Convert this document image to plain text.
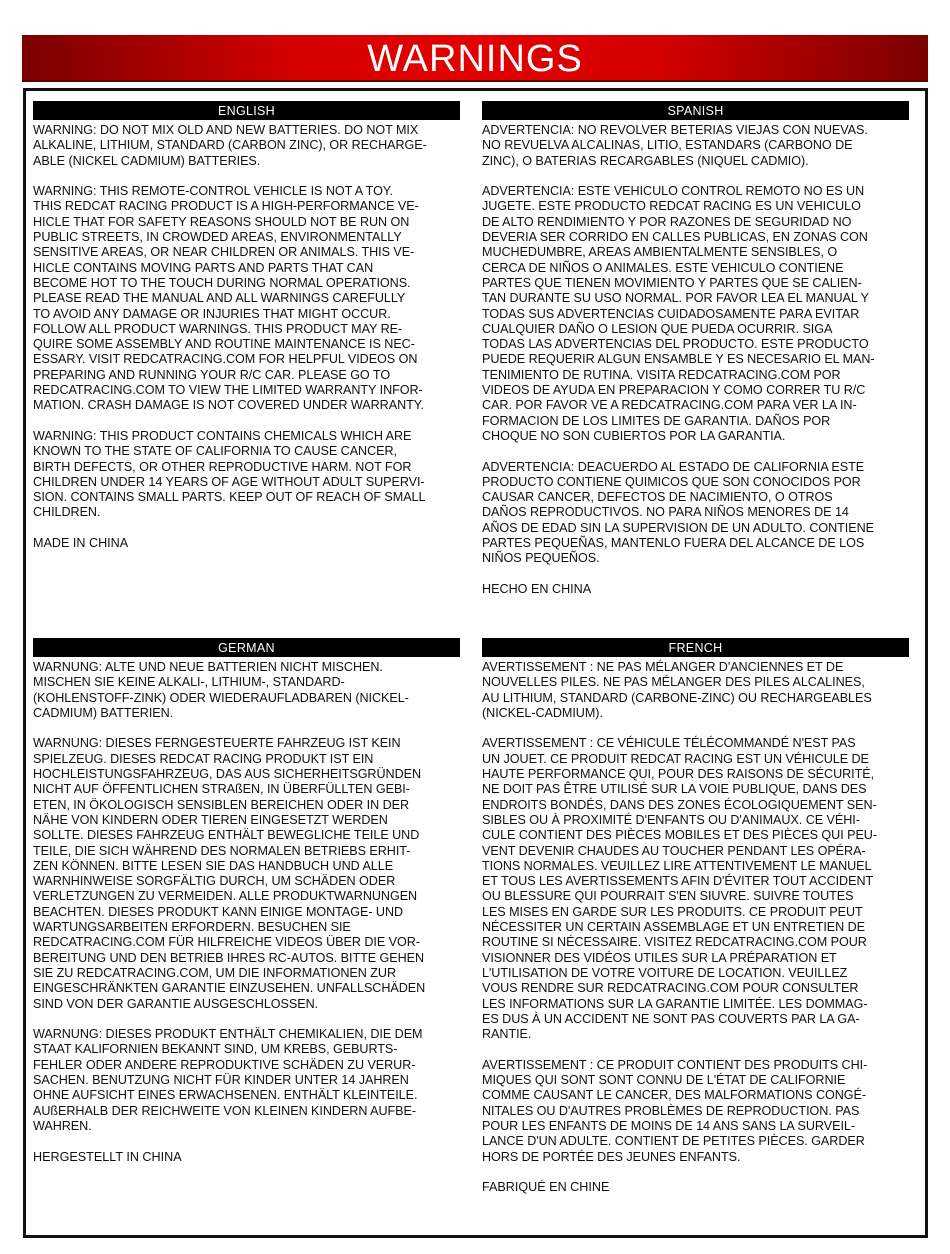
WARNINGS
ENGLISH

WARNING: DO NOT MIX OLD AND NEW BATTERIES. DO NOT MIX
ALKALINE, LITHIUM, STANDARD (CARBON ZINC), OR RECHARGE-
ABLE (NICKEL CADMIUM) BATTERIES.

WARNING: THIS REMOTE-CONTROL VEHICLE IS NOT A TOY.
THIS REDCAT RACING PRODUCT IS A HIGH-PERFORMANCE VE-
HICLE THAT FOR SAFETY REASONS SHOULD NOT BE RUN ON
PUBLIC STREETS, IN CROWDED AREAS, ENVIRONMENTALLY
SENSITIVE AREAS, OR NEAR CHILDREN OR ANIMALS. THIS VE-
HICLE CONTAINS MOVING PARTS AND PARTS THAT CAN
BECOME HOT TO THE TOUCH DURING NORMAL OPERATIONS.
PLEASE READ THE MANUAL AND ALL WARNINGS CAREFULLY
TO AVOID ANY DAMAGE OR INJURIES THAT MIGHT OCCUR.
FOLLOW ALL PRODUCT WARNINGS. THIS PRODUCT MAY RE-
QUIRE SOME ASSEMBLY AND ROUTINE MAINTENANCE IS NEC-
ESSARY. VISIT REDCATRACING.COM FOR HELPFUL VIDEOS ON
PREPARING AND RUNNING YOUR R/C CAR. PLEASE GO TO
REDCATRACING.COM TO VIEW THE LIMITED WARRANTY INFOR-
MATION. CRASH DAMAGE IS NOT COVERED UNDER WARRANTY.

WARNING: THIS PRODUCT CONTAINS CHEMICALS WHICH ARE
KNOWN TO THE STATE OF CALIFORNIA TO CAUSE CANCER,
BIRTH DEFECTS, OR OTHER REPRODUCTIVE HARM. NOT FOR
CHILDREN UNDER 14 YEARS OF AGE WITHOUT ADULT SUPERVI-
SION. CONTAINS SMALL PARTS. KEEP OUT OF REACH OF SMALL
CHILDREN.

MADE IN CHINA

SPANISH

ADVERTENCIA: NO REVOLVER BETERIAS VIEJAS CON NUEVAS.
NO REVUELVA ALCALINAS, LITIO, ESTANDARS (CARBONO DE
ZINC), O BATERIAS RECARGABLES (NIQUEL CADMIO).

ADVERTENCIA: ESTE VEHICULO CONTROL REMOTO NO ES UN
JUGETE. ESTE PRODUCTO REDCAT RACING ES UN VEHICULO
DE ALTO RENDIMIENTO Y POR RAZONES DE SEGURIDAD NO
DEVERIA SER CORRIDO EN CALLES PUBLICAS, EN ZONAS CON
MUCHEDUMBRE, AREAS AMBIENTALMENTE SENSIBLES, O
CERCA DE NIÑOS O ANIMALES. ESTE VEHICULO CONTIENE
PARTES QUE TIENEN MOVIMIENTO Y PARTES QUE SE CALIEN-
TAN DURANTE SU USO NORMAL. POR FAVOR LEA EL MANUAL Y
TODAS SUS ADVERTENCIAS CUIDADOSAMENTE PARA EVITAR
CUALQUIER DAÑO O LESION QUE PUEDA OCURRIR. SIGA
TODAS LAS ADVERTENCIAS DEL PRODUCTO. ESTE PRODUCTO
PUEDE REQUERIR ALGUN ENSAMBLE Y ES NECESARIO EL MAN-
TENIMIENTO DE RUTINA. VISITA REDCATRACING.COM POR
VIDEOS DE AYUDA EN PREPARACION Y COMO CORRER TU R/C
CAR. POR FAVOR VE A REDCATRACING.COM PARA VER LA IN-
FORMACION DE LOS LIMITES DE GARANTIA. DAÑOS POR
CHOQUE NO SON CUBIERTOS POR LA GARANTIA.

ADVERTENCIA: DEACUERDO AL ESTADO DE CALIFORNIA ESTE
PRODUCTO CONTIENE QUIMICOS QUE SON CONOCIDOS POR
CAUSAR CANCER, DEFECTOS DE NACIMIENTO, O OTROS
DAÑOS REPRODUCTIVOS. NO PARA NIÑOS MENORES DE 14
AÑOS DE EDAD SIN LA SUPERVISION DE UN ADULTO. CONTIENE
PARTES PEQUEÑAS, MANTENLO FUERA DEL ALCANCE DE LOS
NIÑOS PEQUEÑOS.

HECHO EN CHINA

GERMAN

WARNUNG: ALTE UND NEUE BATTERIEN NICHT MISCHEN.
MISCHEN SIE KEINE ALKALI-, LITHIUM-, STANDARD-
(KOHLENSTOFF-ZINK) ODER WIEDERAUFLADBAREN (NICKEL-
CADMIUM) BATTERIEN.

WARNUNG: DIESES FERNGESTEUERTE FAHRZEUG IST KEIN
SPIELZEUG. DIESES REDCAT RACING PRODUKT IST EIN
HOCHLEISTUNGSFAHRZEUG, DAS AUS SICHERHEITSGRÜNDEN
NICHT AUF ÖFFENTLICHEN STRAßEN, IN ÜBERFÜLLTEN GEBI-
ETEN, IN ÖKOLOGISCH SENSIBLEN BEREICHEN ODER IN DER
NÄHE VON KINDERN ODER TIEREN EINGESETZT WERDEN
SOLLTE. DIESES FAHRZEUG ENTHÄLT BEWEGLICHE TEILE UND
TEILE, DIE SICH WÄHREND DES NORMALEN BETRIEBS ERHIT-
ZEN KÖNNEN. BITTE LESEN SIE DAS HANDBUCH UND ALLE
WARNHINWEISE SORGFÄLTIG DURCH, UM SCHÄDEN ODER
VERLETZUNGEN ZU VERMEIDEN. ALLE PRODUKTWARNUNGEN
BEACHTEN. DIESES PRODUKT KANN EINIGE MONTAGE- UND
WARTUNGSARBEITEN ERFORDERN. BESUCHEN SIE
REDCATRACING.COM FÜR HILFREICHE VIDEOS ÜBER DIE VOR-
BEREITUNG UND DEN BETRIEB IHRES RC-AUTOS. BITTE GEHEN
SIE ZU REDCATRACING.COM, UM DIE INFORMATIONEN ZUR
EINGESCHRÄNKTEN GARANTIE EINZUSEHEN. UNFALLSCHÄDEN
SIND VON DER GARANTIE AUSGESCHLOSSEN.

WARNUNG: DIESES PRODUKT ENTHÄLT CHEMIKALIEN, DIE DEM
STAAT KALIFORNIEN BEKANNT SIND, UM KREBS, GEBURTS-
FEHLER ODER ANDERE REPRODUKTIVE SCHÄDEN ZU VERUR-
SACHEN. BENUTZUNG NICHT FÜR KINDER UNTER 14 JAHREN
OHNE AUFSICHT EINES ERWACHSENEN. ENTHÄLT KLEINTEILE.
AUßERHALB DER REICHWEITE VON KLEINEN KINDERN AUFBE-
WAHREN.

HERGESTELLT IN CHINA

FRENCH

AVERTISSEMENT : NE PAS MÉLANGER D'ANCIENNES ET DE
NOUVELLES PILES. NE PAS MÉLANGER DES PILES ALCALINES,
AU LITHIUM, STANDARD (CARBONE-ZINC) OU RECHARGEABLES
(NICKEL-CADMIUM).

AVERTISSEMENT : CE VÉHICULE TÉLÉCOMMANDÉ N'EST PAS
UN JOUET. CE PRODUIT REDCAT RACING EST UN VÉHICULE DE
HAUTE PERFORMANCE QUI, POUR DES RAISONS DE SÉCURITÉ,
NE DOIT PAS ÊTRE UTILISÉ SUR LA VOIE PUBLIQUE, DANS DES
ENDROITS BONDÉS, DANS DES ZONES ÉCOLOGIQUEMENT SEN-
SIBLES OU À PROXIMITÉ D'ENFANTS OU D'ANIMAUX. CE VÉHI-
CULE CONTIENT DES PIÈCES MOBILES ET DES PIÈCES QUI PEU-
VENT DEVENIR CHAUDES AU TOUCHER PENDANT LES OPÉRA-
TIONS NORMALES. VEUILLEZ LIRE ATTENTIVEMENT LE MANUEL
ET TOUS LES AVERTISSEMENTS AFIN D'ÉVITER TOUT ACCIDENT
OU BLESSURE QUI POURRAIT S'EN SIUVRE. SUIVRE TOUTES
LES MISES EN GARDE SUR LES PRODUITS. CE PRODUIT PEUT
NÉCESSITER UN CERTAIN ASSEMBLAGE ET UN ENTRETIEN DE
ROUTINE SI NÉCESSAIRE. VISITEZ REDCATRACING.COM POUR
VISIONNER DES VIDÉOS UTILES SUR LA PRÉPARATION ET
L'UTILISATION DE VOTRE VOITURE DE LOCATION. VEUILLEZ
VOUS RENDRE SUR REDCATRACING.COM POUR CONSULTER
LES INFORMATIONS SUR LA GARANTIE LIMITÉE. LES DOMMAG-
ES DUS À UN ACCIDENT NE SONT PAS COUVERTS PAR LA GA-
RANTIE.

AVERTISSEMENT : CE PRODUIT CONTIENT DES PRODUITS CHI-
MIQUES QUI SONT SONT CONNU DE L'ÉTAT DE CALIFORNIE
COMME CAUSANT LE CANCER, DES MALFORMATIONS CONGÉ-
NITALES OU D'AUTRES PROBLÈMES DE REPRODUCTION. PAS
POUR LES ENFANTS DE MOINS DE 14 ANS SANS LA SURVEIL-
LANCE D'UN ADULTE. CONTIENT DE PETITES PIÈCES. GARDER
HORS DE PORTÉE DES JEUNES ENFANTS.

FABRIQUÉ EN CHINE
